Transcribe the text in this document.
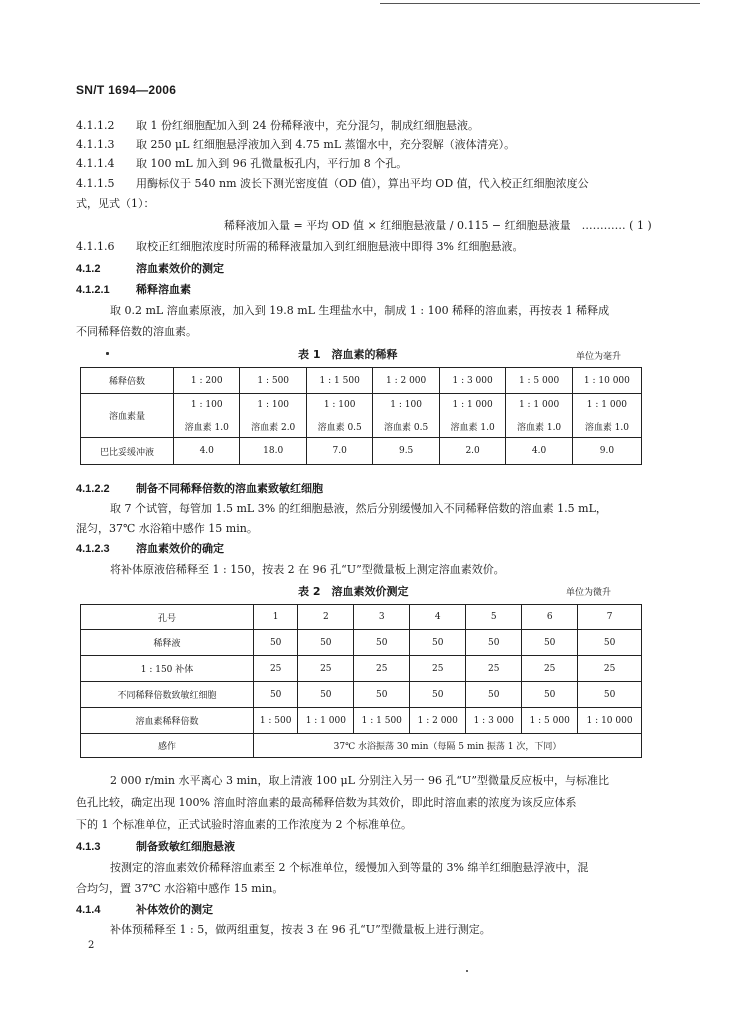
SN/T 1694—2006
4.1.1.2 取 1 份红细胞配加入到 24 份稀释液中，充分混匀，制成红细胞悬液。
4.1.1.3 取 250 μL 红细胞悬浮液加入到 4.75 mL 蒸馏水中，充分裂解（液体清亮）。
4.1.1.4 取 100 mL 加入到 96 孔微量板孔内，平行加 8 个孔。
4.1.1.5 用酶标仪于 540 nm 波长下测光密度值（OD 值），算出平均 OD 值，代入校正红细胞浓度公
式，见式（1）：
稀释液加入量 = 平均 OD 值 × 红细胞悬液量 / 0.115 − 红细胞悬液量　 ………… ( 1 )
4.1.1.6 取校正红细胞浓度时所需的稀释液量加入到红细胞悬液中即得 3% 红细胞悬液。
4.1.2	溶血素效价的测定
4.1.2.1 稀释溶血素
取 0.2 mL 溶血素原液，加入到 19.8 mL 生理盐水中，制成 1 : 100 稀释的溶血素，再按表 1 稀释成
不同稀释倍数的溶血素。
表 1　溶血素的稀释	单位为毫升
稀释倍数	1 : 200	1 : 500	1 : 1 500	1 : 2 000	1 : 3 000	1 : 5 000	1 : 10 000
溶血素量	1 : 100	1 : 100	1 : 100	1 : 100	1 : 1 000	1 : 1 000	1 : 1 000
	溶血素 1.0	溶血素 2.0	溶血素 0.5	溶血素 0.5	溶血素 1.0	溶血素 1.0	溶血素 1.0
巴比妥缓冲液	4.0	18.0	7.0	9.5	2.0	4.0	9.0
4.1.2.2 制备不同稀释倍数的溶血素致敏红细胞
取 7 个试管，每管加 1.5 mL 3% 的红细胞悬液，然后分别缓慢加入不同稀释倍数的溶血素 1.5 mL，
混匀，37℃ 水浴箱中感作 15 min。
4.1.2.3 溶血素效价的确定
将补体原液倍稀释至 1 : 150，按表 2 在 96 孔“U”型微量板上测定溶血素效价。
表 2　溶血素效价测定	单位为微升
孔号	1	2	3	4	5	6	7
稀释液	50	50	50	50	50	50	50
1 : 150 补体	25	25	25	25	25	25	25
不同稀释倍数致敏红细胞	50	50	50	50	50	50	50
溶血素稀释倍数	1 : 500	1 : 1 000	1 : 1 500	1 : 2 000	1 : 3 000	1 : 5 000	1 : 10 000
感作	37℃ 水浴振荡 30 min（每隔 5 min 振荡 1 次，下同）						
2 000 r/min 水平离心 3 min，取上清液 100 μL 分别注入另一 96 孔“U”型微量反应板中，与标准比
色孔比较，确定出现 100% 溶血时溶血素的最高稀释倍数为其效价，即此时溶血素的浓度为该反应体系
下的 1 个标准单位，正式试验时溶血素的工作浓度为 2 个标准单位。
4.1.3	制备致敏红细胞悬液
按测定的溶血素效价稀释溶血素至 2 个标准单位，缓慢加入到等量的 3% 绵羊红细胞悬浮液中，混
合均匀，置 37℃ 水浴箱中感作 15 min。
4.1.4	补体效价的测定
补体预稀释至 1 : 5，做两组重复，按表 3 在 96 孔“U”型微量板上进行测定。
2
